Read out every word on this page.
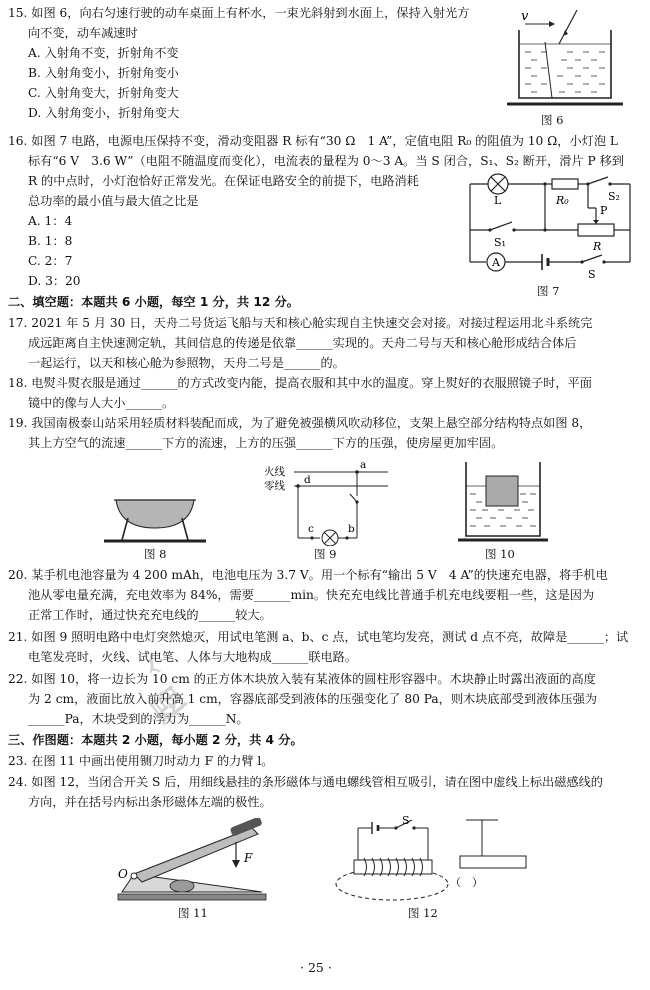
15. 如图 6，向右匀速行驶的动车桌面上有杯水，一束光斜射到水面上，保持入射光方
向不变，动车减速时
A. 入射角不变，折射角不变
B. 入射角变小，折射角变小
C. 入射角变大，折射角变大
D. 入射角变小，折射角变大
v
图 6
16. 如图 7 电路，电源电压保持不变，滑动变阻器 R 标有“30 Ω　1 A”，定值电阻 R₀ 的阻值为 10 Ω，小灯泡 L
标有“6 V　3.6 W”（电阻不随温度而变化），电流表的量程为 0～3 A。当 S 闭合，S₁、S₂ 断开，滑片 P 移到
R 的中点时，小灯泡恰好正常发光。在保证电路安全的前提下，电路消耗
总功率的最小值与最大值之比是
A. 1：4
B. 1：8
C. 2：7
D. 3：20
L	R₀	S₂
P
S₁	R
A
S
图 7
二、填空题：本题共 6 小题，每空 1 分，共 12 分。
17. 2021 年 5 月 30 日，天舟二号货运飞船与天和核心舱实现自主快速交会对接。对接过程运用北斗系统完
成远距离自主快速测定轨，其间信息的传递是依靠______实现的。天舟二号与天和核心舱形成结合体后
一起运行，以天和核心舱为参照物，天舟二号是______的。
18. 电熨斗熨衣服是通过______的方式改变内能，提高衣服和其中水的温度。穿上熨好的衣服照镜子时，平面
镜中的像与人大小______。
19. 我国南极泰山站采用轻质材料装配而成，为了避免被强横风吹动移位，支架上悬空部分结构特点如图 8，
其上方空气的流速______下方的流速，上方的压强______下方的压强，使房屋更加牢固。
图 8
火线
零线
a
d
c	b
图 9	图 10
20. 某手机电池容量为 4 200 mAh，电池电压为 3.7 V。用一个标有“输出 5 V　4 A”的快速充电器，将手机电
池从零电量充满，充电效率为 84%，需要______min。快充充电线比普通手机充电线要粗一些，这是因为
正常工作时，通过快充充电线的______较大。
21. 如图 9 照明电路中电灯突然熄灭，用试电笔测 a、b、c 点，试电笔均发亮，测试 d 点不亮，故障是______；试
电笔发亮时，火线、试电笔、人体与大地构成______联电路。
22. 如图 10，将一边长为 10 cm 的正方体木块放入装有某液体的圆柱形容器中。木块静止时露出液面的高度
为 2 cm，液面比放入前升高 1 cm，容器底部受到液体的压强变化了 80 Pa，则木块底部受到液体压强为
______Pa，木块受到的浮力为______N。
三、作图题：本题共 2 小题，每小题 2 分，共 4 分。
23. 在图 11 中画出使用铡刀时动力 F 的力臂 l。
24. 如图 12，当闭合开关 S 后，用细线悬挂的条形磁体与通电螺线管相互吸引，请在图中虚线上标出磁感线的
方向，并在括号内标出条形磁体左端的极性。
F
O
图 11
S
（　）
图 12
· 25 ·
